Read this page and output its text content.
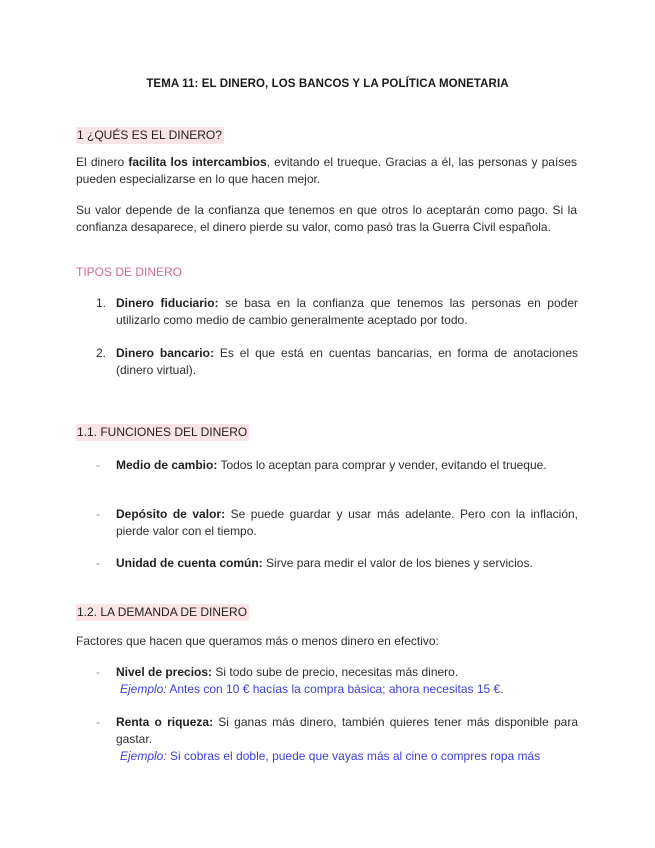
TEMA 11: EL DINERO, LOS BANCOS Y LA POLÍTICA MONETARIA
1 ¿QUÉS ES EL DINERO?
El dinero facilita los intercambios, evitando el trueque. Gracias a él, las personas y países pueden especializarse en lo que hacen mejor.
Su valor depende de la confianza que tenemos en que otros lo aceptarán como pago. Si la confianza desaparece, el dinero pierde su valor, como pasó tras la Guerra Civil española.
TIPOS DE DINERO
1. Dinero fiduciario: se basa en la confianza que tenemos las personas en poder utilizarlo como medio de cambio generalmente aceptado por todo.
2. Dinero bancario: Es el que está en cuentas bancarias, en forma de anotaciones (dinero virtual).
1.1. FUNCIONES DEL DINERO
- Medio de cambio: Todos lo aceptan para comprar y vender, evitando el trueque.
- Depósito de valor: Se puede guardar y usar más adelante. Pero con la inflación, pierde valor con el tiempo.
- Unidad de cuenta común: Sirve para medir el valor de los bienes y servicios.
1.2. LA DEMANDA DE DINERO
Factores que hacen que queramos más o menos dinero en efectivo:
- Nivel de precios: Si todo sube de precio, necesitas más dinero.
Ejemplo: Antes con 10 € hacías la compra básica; ahora necesitas 15 €.
- Renta o riqueza: Si ganas más dinero, también quieres tener más disponible para gastar.
Ejemplo: Si cobras el doble, puede que vayas más al cine o compres ropa más
